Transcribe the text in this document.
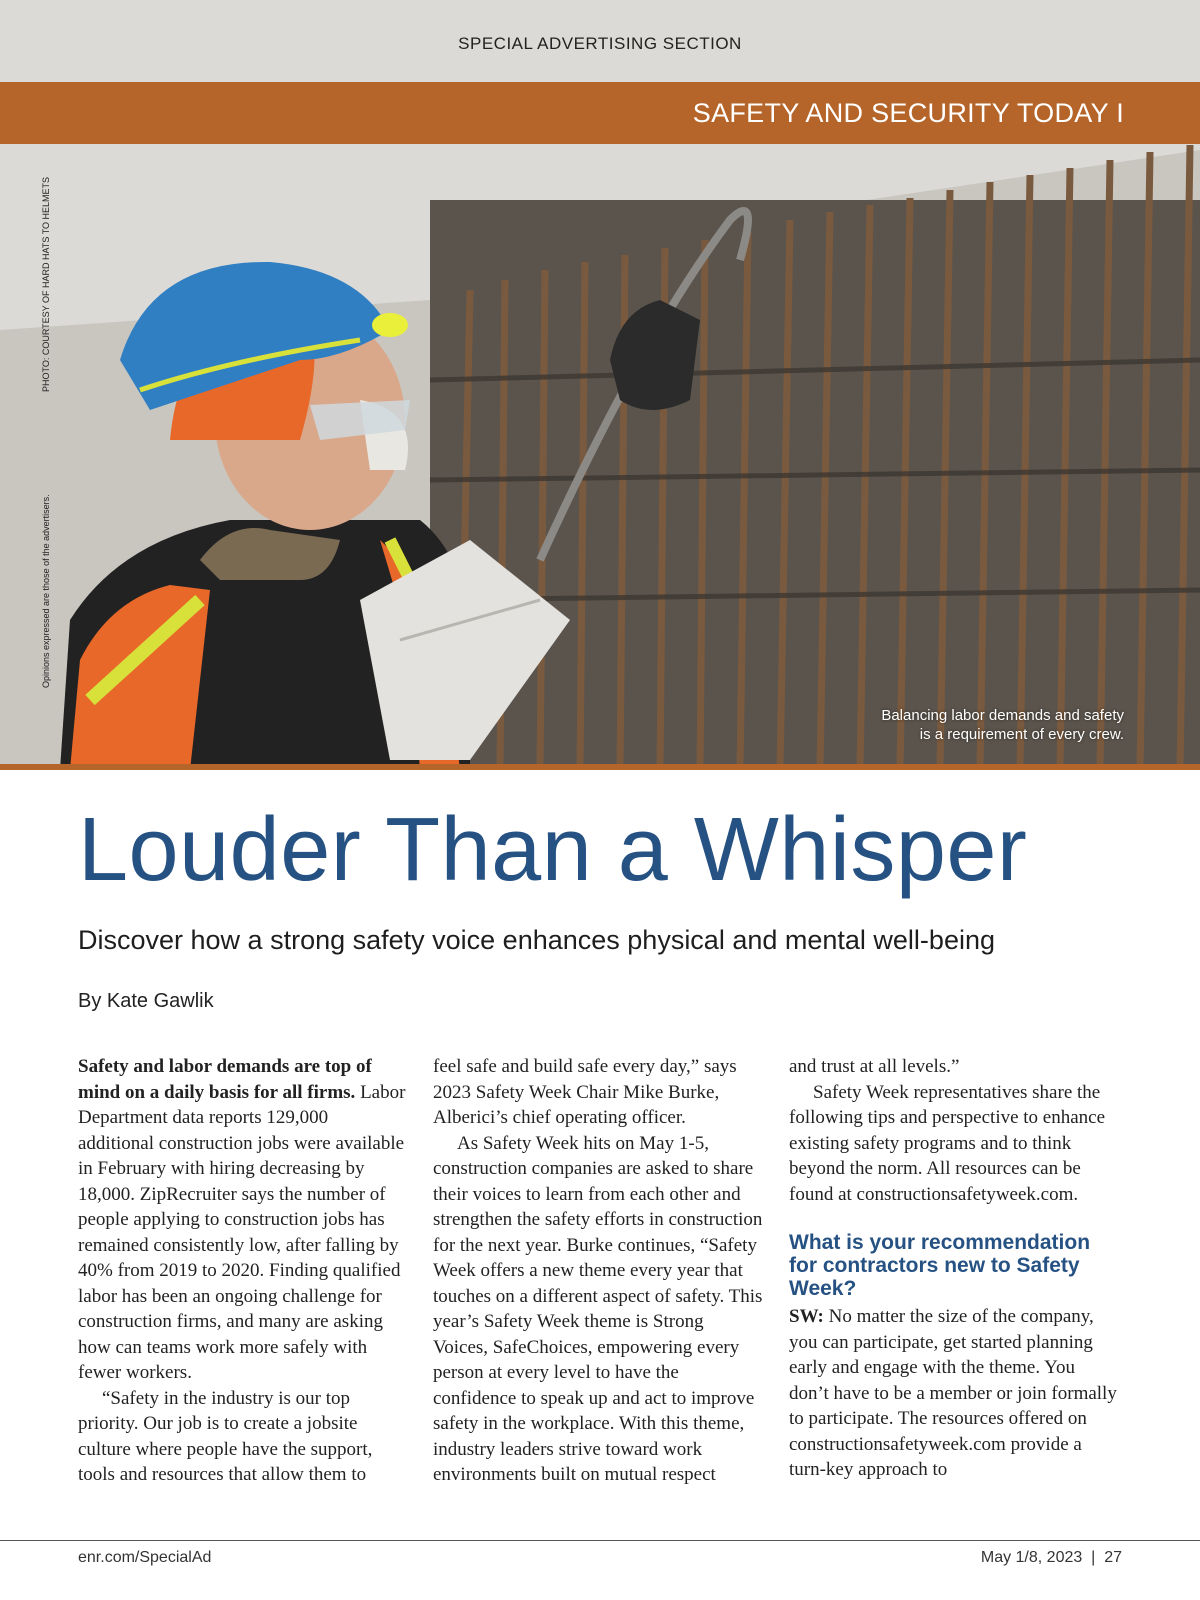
SPECIAL ADVERTISING SECTION
SAFETY AND SECURITY TODAY I
PHOTO: COURTESY OF HARD HATS TO HELMETS
Opinions expressed are those of the advertisers.
Balancing labor demands and safety
is a requirement of every crew.
Louder Than a Whisper

Discover how a strong safety voice enhances physical and mental well-being

By Kate Gawlik

Safety and labor demands are top of mind on a daily basis for all firms. Labor Department data reports 129,000 additional construction jobs were available in February with hiring decreasing by 18,000. ZipRecruiter says the number of people applying to construction jobs has remained consistently low, after falling by 40% from 2019 to 2020. Finding qualified labor has been an ongoing challenge for construction firms, and many are asking how can teams work more safely with fewer workers.

“Safety in the industry is our top priority. Our job is to create a jobsite culture where people have the support, tools and resources that allow them to

feel safe and build safe every day,” says 2023 Safety Week Chair Mike Burke, Alberici’s chief operating officer.

As Safety Week hits on May 1-5, construction companies are asked to share their voices to learn from each other and strengthen the safety efforts in construction for the next year. Burke continues, “Safety Week offers a new theme every year that touches on a different aspect of safety. This year’s Safety Week theme is Strong Voices, SafeChoices, empowering every person at every level to have the confidence to speak up and act to improve safety in the workplace. With this theme, industry leaders strive toward work environments built on mutual respect

and trust at all levels.”

Safety Week representatives share the following tips and perspective to enhance existing safety programs and to think beyond the norm. All resources can be found at constructionsafetyweek.com.

What is your recommendation for contractors new to Safety Week?

SW: No matter the size of the company, you can participate, get started planning early and engage with the theme. You don’t have to be a member or join formally to participate. The resources offered on constructionsafetyweek.com provide a turn-key approach to

enr.com/SpecialAd	May 1/8, 2023  |  27
